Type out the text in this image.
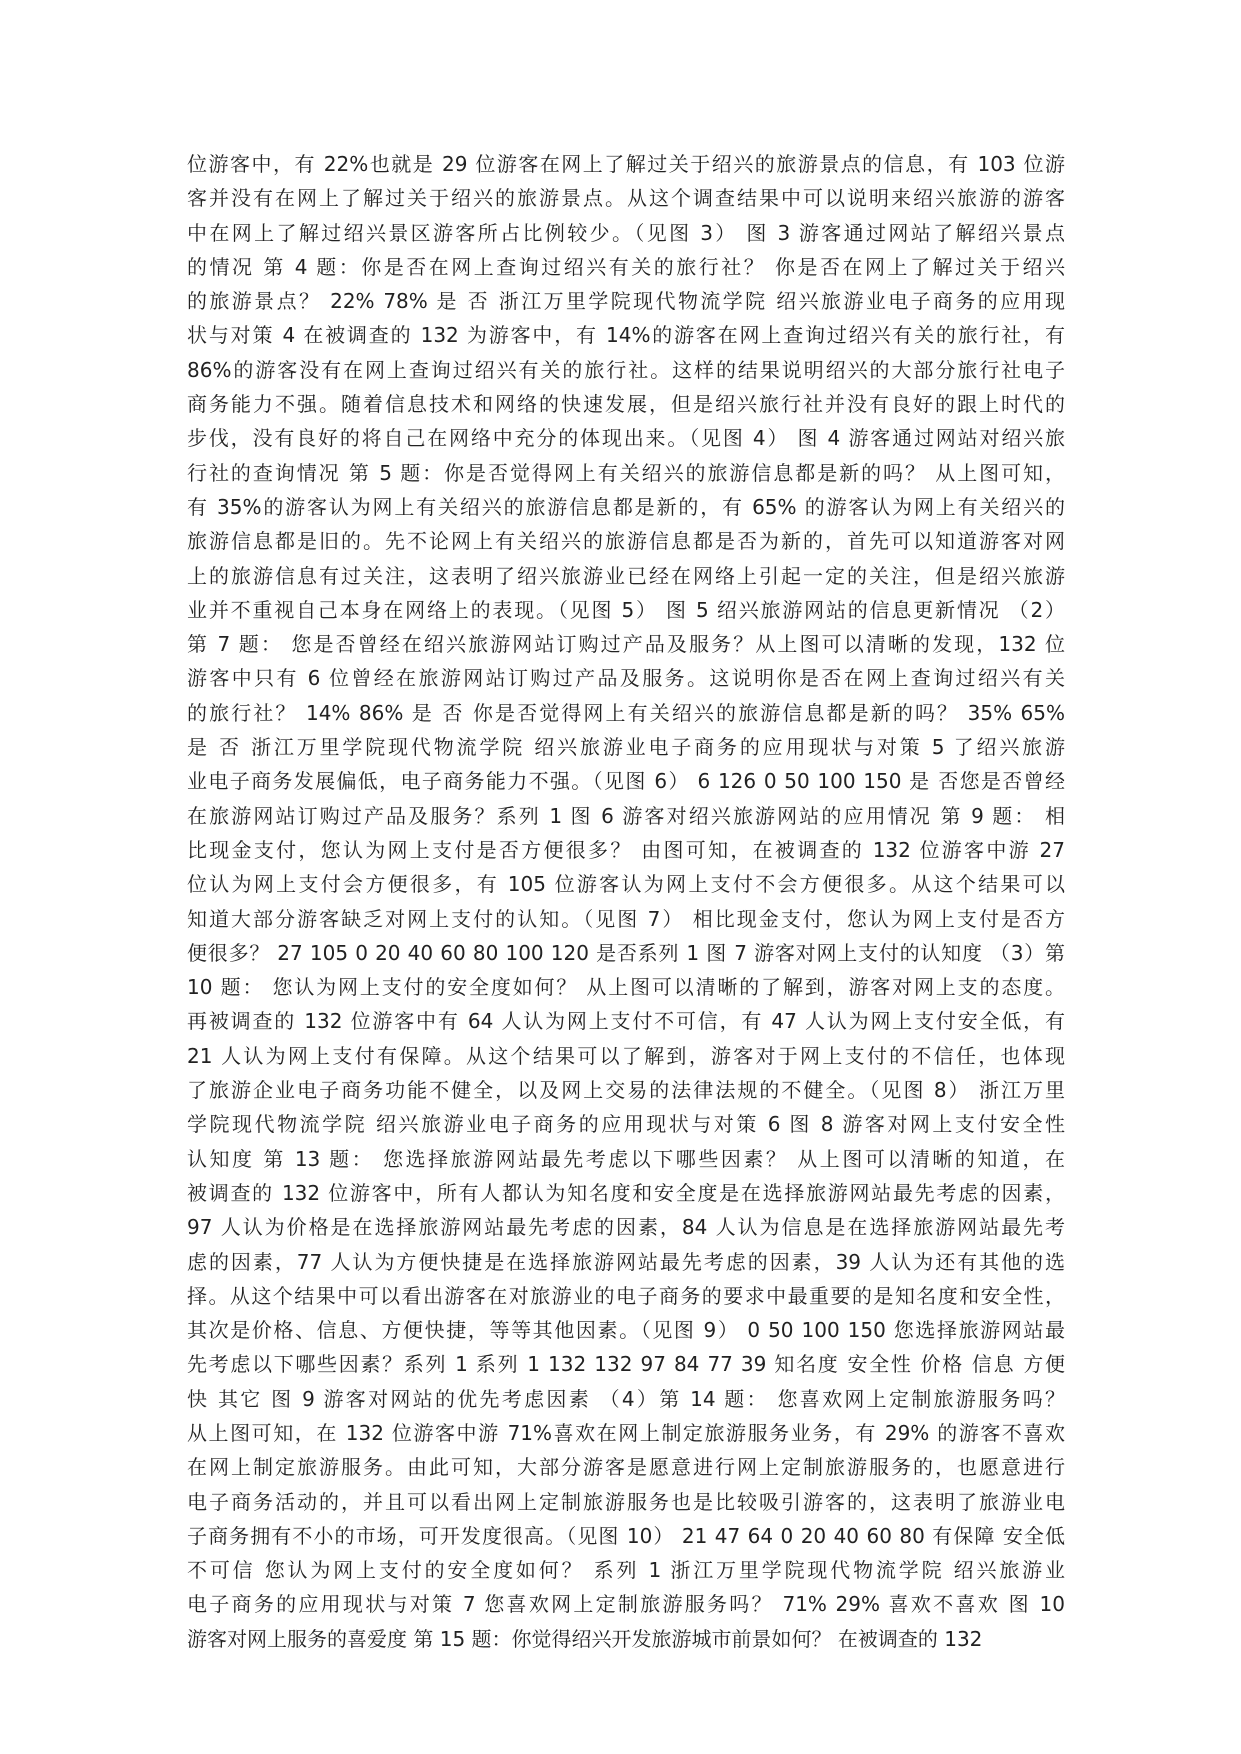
位游客中，有 22%也就是 29 位游客在网上了解过关于绍兴的旅游景点的信息，有 103 位游
客并没有在网上了解过关于绍兴的旅游景点。从这个调查结果中可以说明来绍兴旅游的游客
中在网上了解过绍兴景区游客所占比例较少。（见图 3） 图 3 游客通过网站了解绍兴景点
的情况 第 4 题：你是否在网上查询过绍兴有关的旅行社？ 你是否在网上了解过关于绍兴
的旅游景点？ 22% 78% 是 否 浙江万里学院现代物流学院 绍兴旅游业电子商务的应用现
状与对策 4 在被调查的 132 为游客中，有 14%的游客在网上查询过绍兴有关的旅行社，有
86%的游客没有在网上查询过绍兴有关的旅行社。这样的结果说明绍兴的大部分旅行社电子
商务能力不强。随着信息技术和网络的快速发展，但是绍兴旅行社并没有良好的跟上时代的
步伐，没有良好的将自己在网络中充分的体现出来。（见图 4） 图 4 游客通过网站对绍兴旅
行社的查询情况 第 5 题：你是否觉得网上有关绍兴的旅游信息都是新的吗？ 从上图可知，
有 35%的游客认为网上有关绍兴的旅游信息都是新的，有 65% 的游客认为网上有关绍兴的
旅游信息都是旧的。先不论网上有关绍兴的旅游信息都是否为新的，首先可以知道游客对网
上的旅游信息有过关注，这表明了绍兴旅游业已经在网络上引起一定的关注，但是绍兴旅游
业并不重视自己本身在网络上的表现。（见图 5） 图 5 绍兴旅游网站的信息更新情况 （2）
第 7 题： 您是否曾经在绍兴旅游网站订购过产品及服务？从上图可以清晰的发现，132 位
游客中只有 6 位曾经在旅游网站订购过产品及服务。这说明你是否在网上查询过绍兴有关
的旅行社？ 14% 86% 是 否 你是否觉得网上有关绍兴的旅游信息都是新的吗？ 35% 65%
是 否 浙江万里学院现代物流学院 绍兴旅游业电子商务的应用现状与对策 5 了绍兴旅游
业电子商务发展偏低，电子商务能力不强。（见图 6） 6 126 0 50 100 150 是 否您是否曾经
在旅游网站订购过产品及服务？系列 1 图 6 游客对绍兴旅游网站的应用情况 第 9 题： 相
比现金支付，您认为网上支付是否方便很多？ 由图可知，在被调查的 132 位游客中游 27
位认为网上支付会方便很多，有 105 位游客认为网上支付不会方便很多。从这个结果可以
知道大部分游客缺乏对网上支付的认知。（见图 7） 相比现金支付，您认为网上支付是否方
便很多？ 27 105 0 20 40 60 80 100 120 是否系列 1 图 7 游客对网上支付的认知度 （3）第
10 题： 您认为网上支付的安全度如何？ 从上图可以清晰的了解到，游客对网上支的态度。
再被调查的 132 位游客中有 64 人认为网上支付不可信，有 47 人认为网上支付安全低，有
21 人认为网上支付有保障。从这个结果可以了解到，游客对于网上支付的不信任，也体现
了旅游企业电子商务功能不健全，以及网上交易的法律法规的不健全。（见图 8） 浙江万里
学院现代物流学院 绍兴旅游业电子商务的应用现状与对策 6 图 8 游客对网上支付安全性
认知度 第 13 题： 您选择旅游网站最先考虑以下哪些因素？ 从上图可以清晰的知道，在
被调查的 132 位游客中，所有人都认为知名度和安全度是在选择旅游网站最先考虑的因素，
97 人认为价格是在选择旅游网站最先考虑的因素，84 人认为信息是在选择旅游网站最先考
虑的因素，77 人认为方便快捷是在选择旅游网站最先考虑的因素，39 人认为还有其他的选
择。从这个结果中可以看出游客在对旅游业的电子商务的要求中最重要的是知名度和安全性，
其次是价格、信息、方便快捷，等等其他因素。（见图 9） 0 50 100 150 您选择旅游网站最
先考虑以下哪些因素？系列 1 系列 1 132 132 97 84 77 39 知名度 安全性 价格 信息 方便
快 其它 图 9 游客对网站的优先考虑因素 （4）第 14 题： 您喜欢网上定制旅游服务吗？
从上图可知，在 132 位游客中游 71%喜欢在网上制定旅游服务业务，有 29% 的游客不喜欢
在网上制定旅游服务。由此可知，大部分游客是愿意进行网上定制旅游服务的，也愿意进行
电子商务活动的，并且可以看出网上定制旅游服务也是比较吸引游客的，这表明了旅游业电
子商务拥有不小的市场，可开发度很高。（见图 10） 21 47 64 0 20 40 60 80 有保障 安全低
不可信 您认为网上支付的安全度如何？ 系列 1 浙江万里学院现代物流学院 绍兴旅游业
电子商务的应用现状与对策 7 您喜欢网上定制旅游服务吗？ 71% 29% 喜欢不喜欢 图 10
游客对网上服务的喜爱度 第 15 题：你觉得绍兴开发旅游城市前景如何？ 在被调查的 132
